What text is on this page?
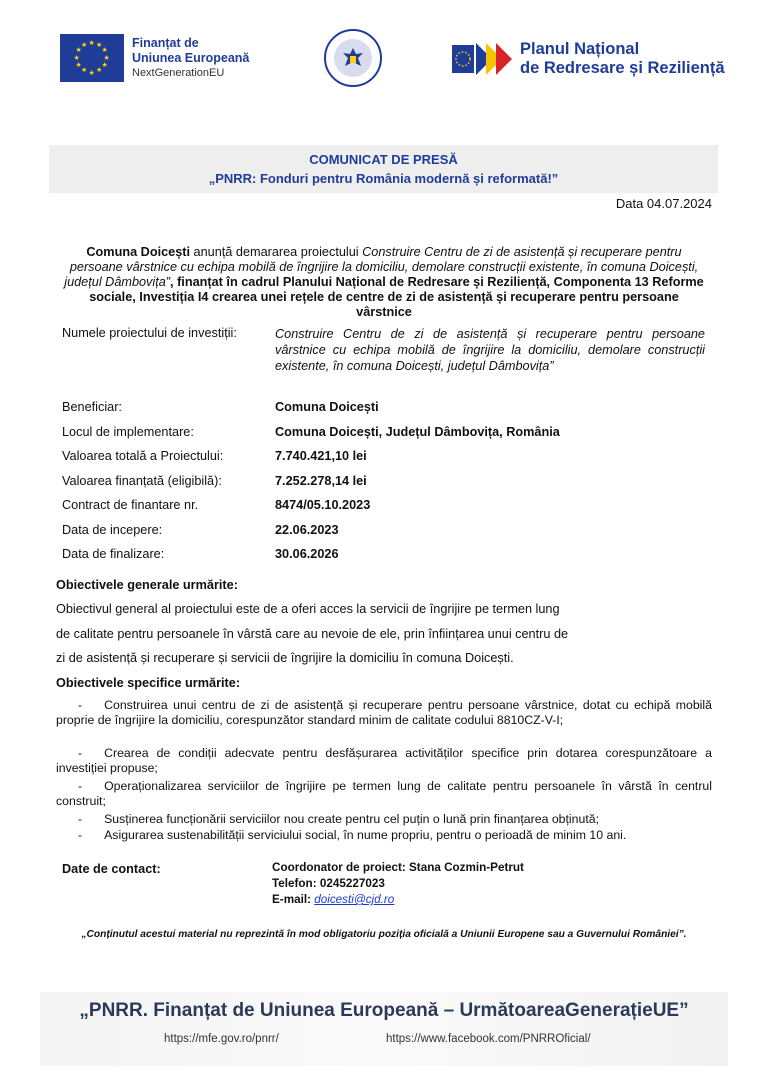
★
★
★
★
★
★
★
★
★ ★ ★
★
Finanțat de
Uniunea Europeană
NextGenerationEU
Planul Național
de Redresare și Reziliență
COMUNICAT DE PRESĂ
„PNRR: Fonduri pentru România modernă și reformată!”
Data 04.07.2024
Comuna Doicești anunță demararea proiectului Construire Centru de zi de asistență și recuperare pentru persoane vârstnice cu echipa mobilă de îngrijire la domiciliu, demolare construcții existente, în comuna Doicești, județul Dâmbovița”, finanțat în cadrul Planului Național de Redresare și Reziliență, Componenta 13 Reforme sociale, Investiția I4 crearea unei rețele de centre de zi de asistență și recuperare pentru persoane vârstnice
Numele proiectului de investiții:	Construire Centru de zi de asistență și recuperare pentru persoane vârstnice cu echipa mobilă de îngrijire la domiciliu, demolare construcții existente, în comuna Doicești, județul Dâmbovița”
Beneficiar:	Comuna Doicești
Locul de implementare:	Comuna Doicești, Județul Dâmbovița, România
Valoarea totală a Proiectului:	7.740.421,10 lei
Valoarea finanțată (eligibilă):	7.252.278,14 lei
Contract de finantare nr.	8474/05.10.2023
Data de incepere:	22.06.2023
Data de finalizare:	30.06.2026
Obiectivele generale urmărite:
Obiectivul general al proiectului este de a oferi acces la servicii de îngrijire pe termen lung
de calitate pentru persoanele în vârstă care au nevoie de ele, prin înființarea unui centru de
zi de asistență și recuperare și servicii de îngrijire la domiciliu în comuna Doicești.
Obiectivele specifice urmărite:
- Construirea unui centru de zi de asistență și recuperare pentru persoane vârstnice, dotat cu echipă mobilă proprie de îngrijire la domiciliu, corespunzător standard minim de calitate codului 8810CZ-V-I;
- Crearea de condiții adecvate pentru desfășurarea activităților specifice prin dotarea corespunzătoare a investiției propuse;
- Operaționalizarea serviciilor de îngrijire pe termen lung de calitate pentru persoanele în vârstă în centrul construit;
- Susținerea funcționării serviciilor nou create pentru cel puțin o lună prin finanțarea obținută;
- Asigurarea sustenabilității serviciului social, în nume propriu, pentru o perioadă de minim 10 ani.
Date de contact:	Coordonator de proiect: Stana Cozmin-Petrut
Telefon: 0245227023
E-mail: doicesti@cjd.ro
„Conținutul acestui material nu reprezintă în mod obligatoriu poziția oficială a Uniunii Europene sau a Guvernului României”.
„PNRR. Finanțat de Uniunea Europeană – UrmătoareaGenerațieUE”
https://mfe.gov.ro/pnrr/	https://www.facebook.com/PNRROficial/
